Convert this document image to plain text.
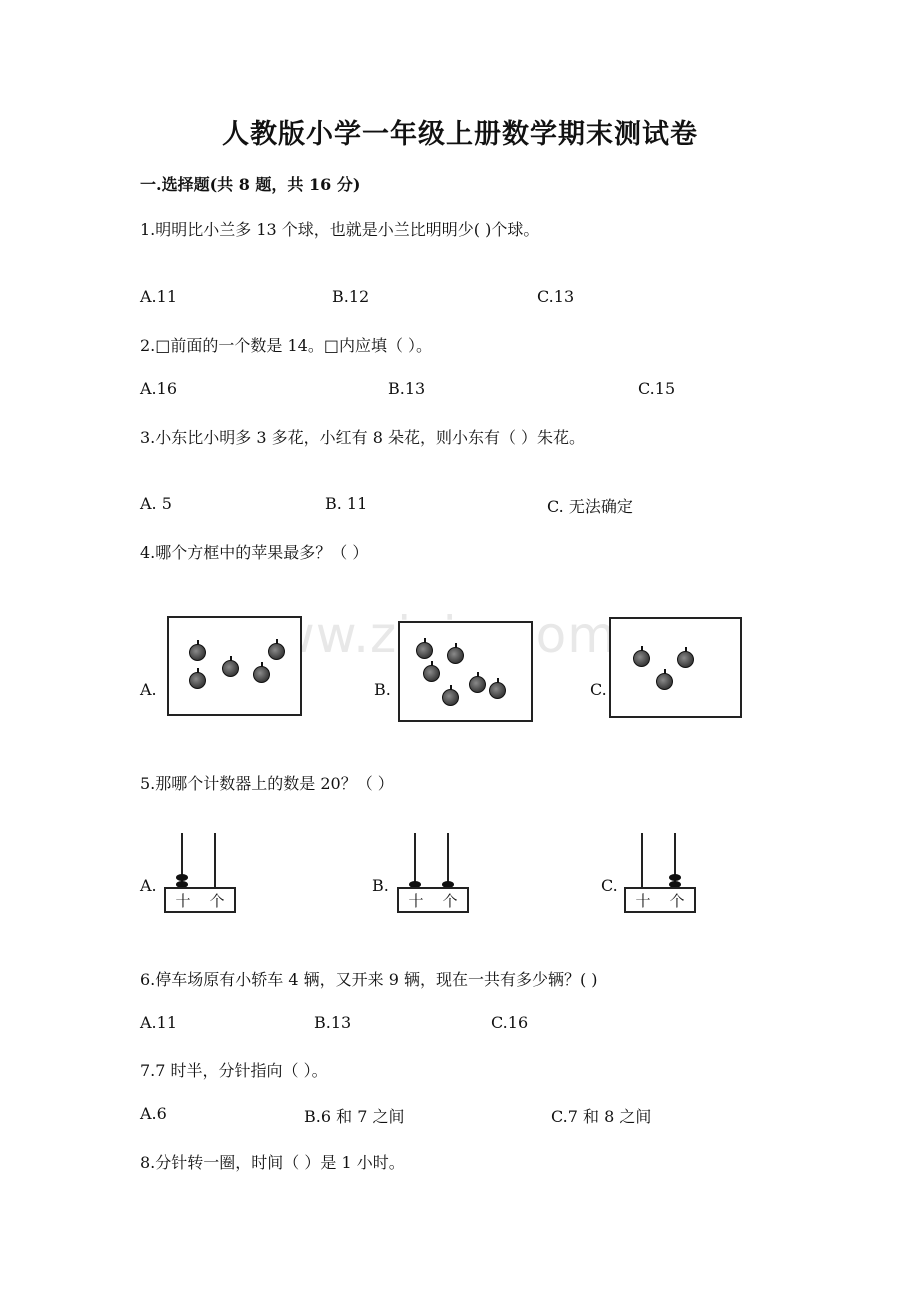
人教版小学一年级上册数学期末测试卷
一.选择题(共 8 题，共 16 分)
1.明明比小兰多 13 个球，也就是小兰比明明少( )个球。
A.11	B.12	C.13
2.□前面的一个数是 14。□内应填（ ）。
A.16	B.13	C.15
3.小东比小明多 3 多花，小红有 8 朵花，则小东有（ ）朱花。
A. 5	B. 11	C. 无法确定
4.哪个方框中的苹果最多？（ ）
A.	B.	C.
5.那哪个计数器上的数是 20？（ ）
A.
十 个
B.
十 个
C.
十 个
6.停车场原有小轿车 4 辆，又开来 9 辆，现在一共有多少辆？( )
A.11	B.13	C.16
7.7 时半，分针指向（ ）。
A.6	B.6 和 7 之间	C.7 和 8 之间
8.分针转一圈，时间（ ）是 1 小时。
